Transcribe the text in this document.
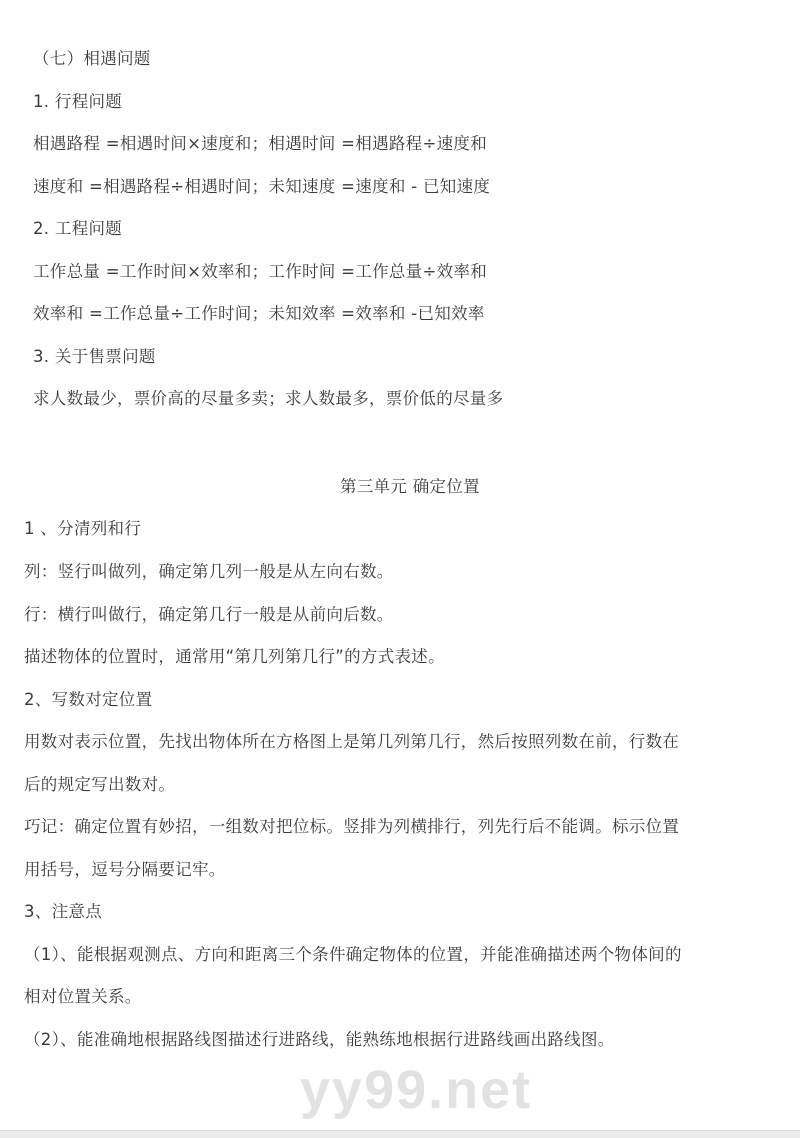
yy99.net
（七）相遇问题
1. 行程问题
相遇路程 =相遇时间×速度和；相遇时间 =相遇路程÷速度和
速度和 =相遇路程÷相遇时间；未知速度 =速度和 - 已知速度
2. 工程问题
工作总量 =工作时间×效率和；工作时间 =工作总量÷效率和
效率和 =工作总量÷工作时间；未知效率 =效率和 -已知效率
3. 关于售票问题
求人数最少，票价高的尽量多卖；求人数最多，票价低的尽量多
第三单元 确定位置
1 、分清列和行
列：竖行叫做列，确定第几列一般是从左向右数。
行：横行叫做行，确定第几行一般是从前向后数。
描述物体的位置时，通常用“第几列第几行”的方式表述。
2、写数对定位置
用数对表示位置，先找出物体所在方格图上是第几列第几行，然后按照列数在前，行数在
后的规定写出数对。
巧记：确定位置有妙招，一组数对把位标。竖排为列横排行，列先行后不能调。标示位置
用括号，逗号分隔要记牢。
3、注意点
（1）、能根据观测点、方向和距离三个条件确定物体的位置，并能准确描述两个物体间的
相对位置关系。
（2）、能准确地根据路线图描述行进路线，能熟练地根据行进路线画出路线图。
